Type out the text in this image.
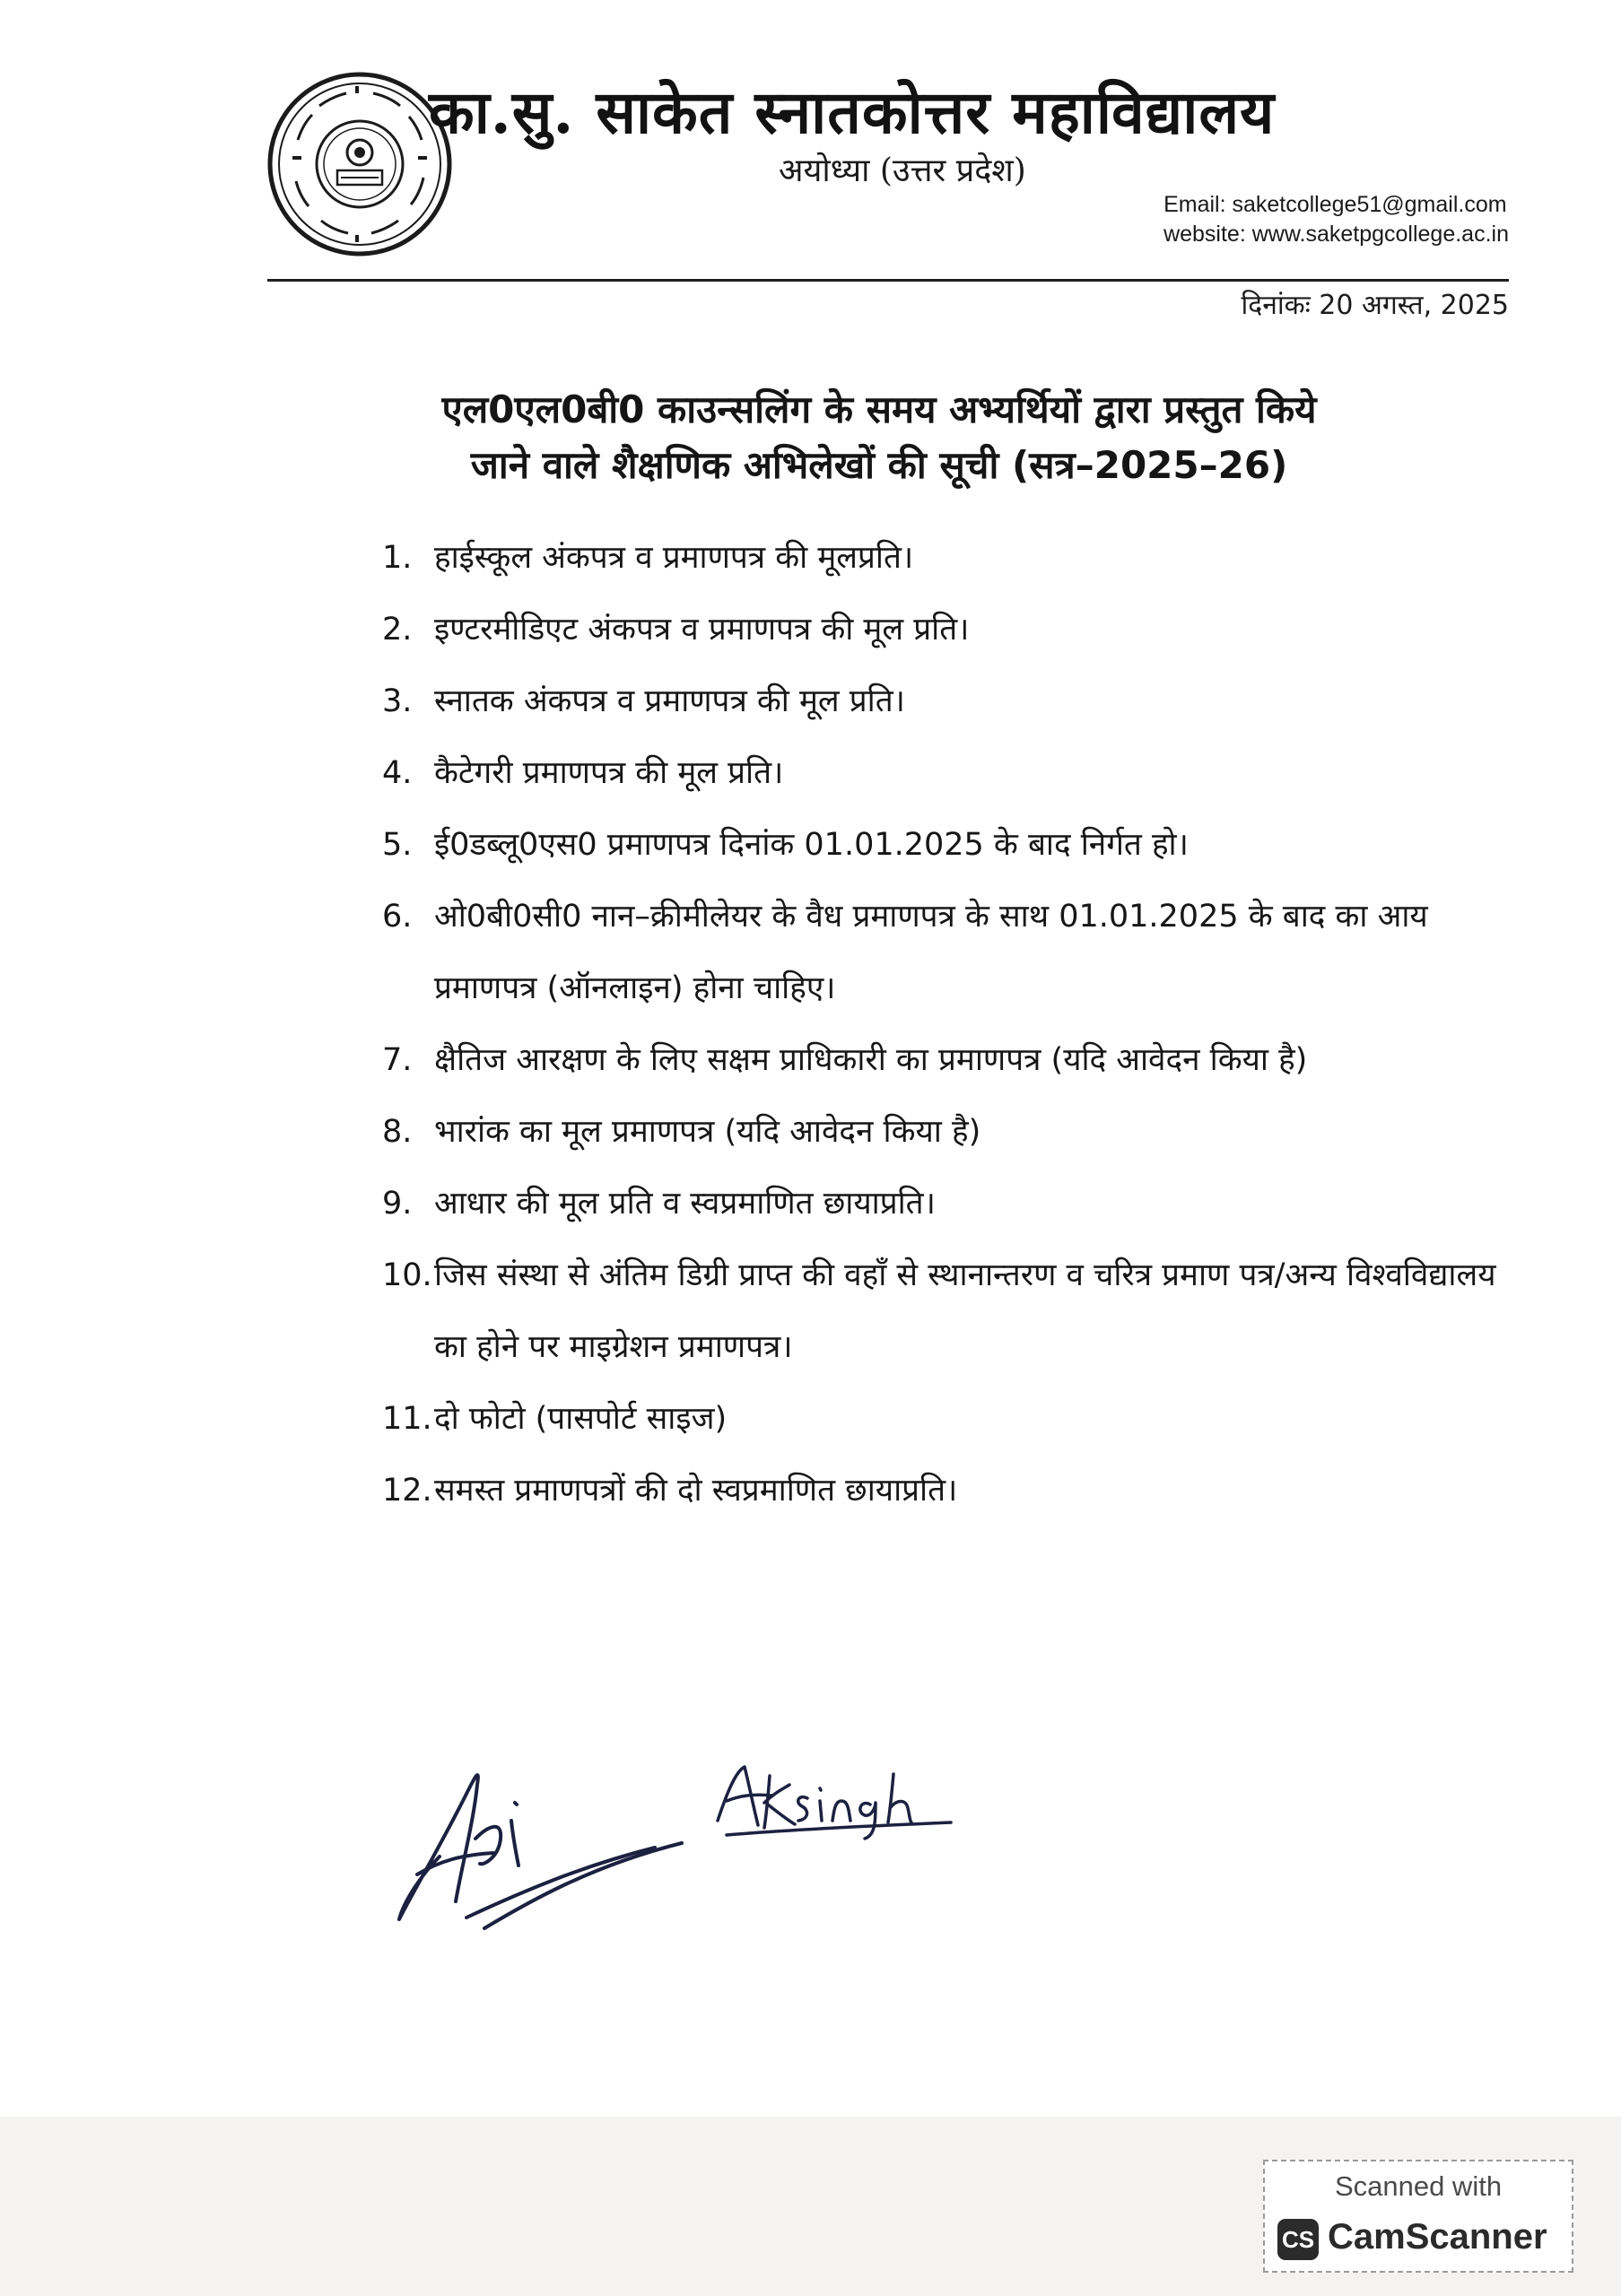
का.सु. साकेत स्नातकोत्तर महाविद्यालय
अयोध्या (उत्तर प्रदेश)
Email: saketcollege51@gmail.com
website: www.saketpgcollege.ac.in
दिनांकः 20 अगस्त, 2025
एल0एल0बी0 काउन्सलिंग के समय अभ्यर्थियों द्वारा प्रस्तुत किये
जाने वाले शैक्षणिक अभिलेखों की सूची (सत्र–2025–26)
1. हाईस्कूल अंकपत्र व प्रमाणपत्र की मूलप्रति।
2. इण्टरमीडिएट अंकपत्र व प्रमाणपत्र की मूल प्रति।
3. स्नातक अंकपत्र व प्रमाणपत्र की मूल प्रति।
4. कैटेगरी प्रमाणपत्र की मूल प्रति।
5. ई0डब्लू0एस0 प्रमाणपत्र दिनांक 01.01.2025 के बाद निर्गत हो।
6. ओ0बी0सी0 नान–क्रीमीलेयर के वैध प्रमाणपत्र के साथ 01.01.2025 के बाद का आय प्रमाणपत्र (ऑनलाइन) होना चाहिए।
7. क्षैतिज आरक्षण के लिए सक्षम प्राधिकारी का प्रमाणपत्र (यदि आवेदन किया है)
8. भारांक का मूल प्रमाणपत्र (यदि आवेदन किया है)
9. आधार की मूल प्रति व स्वप्रमाणित छायाप्रति।
10. जिस संस्था से अंतिम डिग्री प्राप्त की वहाँ से स्थानान्तरण व चरित्र प्रमाण पत्र/अन्य विश्वविद्यालय का होने पर माइग्रेशन प्रमाणपत्र।
11. दो फोटो (पासपोर्ट साइज)
12. समस्त प्रमाणपत्रों की दो स्वप्रमाणित छायाप्रति।
Scanned with
CS CamScanner
